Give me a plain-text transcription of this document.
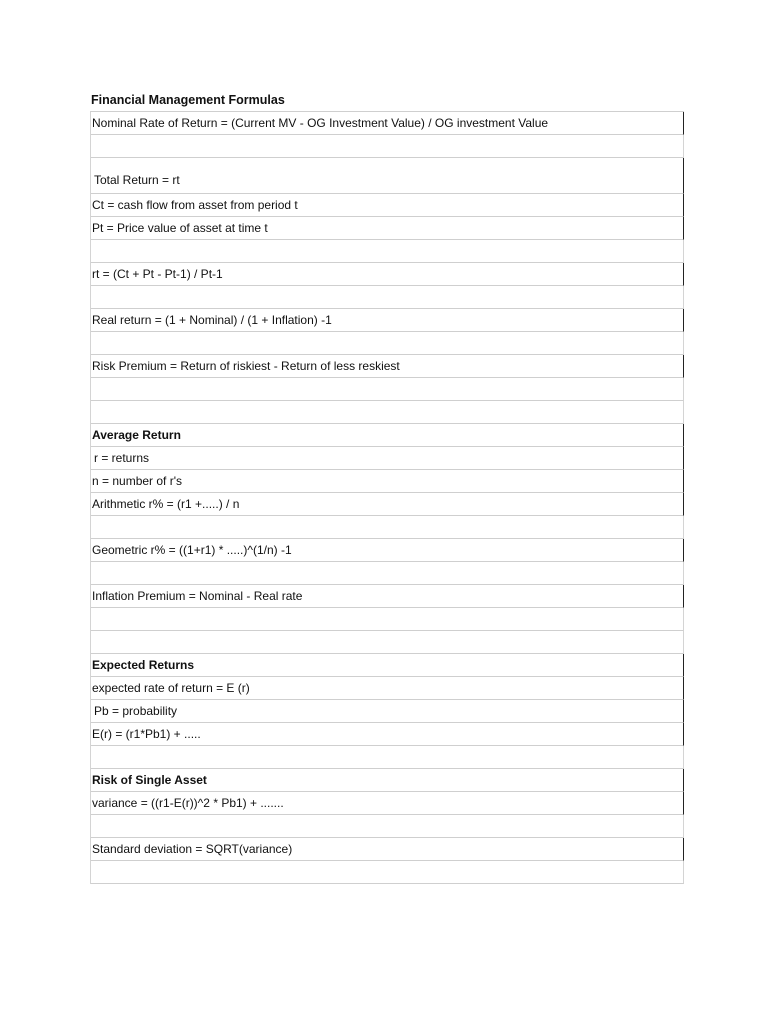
Financial Management Formulas
Nominal Rate of Return = (Current MV - OG Investment Value) / OG investment Value
Total Return = rt
Ct = cash flow from asset from period t
Pt = Price value of asset at time t
rt = (Ct + Pt - Pt-1) / Pt-1
Real return = (1 + Nominal) / (1 + Inflation) -1
Risk Premium = Return of riskiest - Return of less reskiest
Average Return
r = returns
n = number of r's
Arithmetic r% = (r1 +.....) / n
Geometric r% = ((1+r1) * .....)^(1/n) -1
Inflation Premium = Nominal - Real rate
Expected Returns
expected rate of return = E (r)
Pb = probability
E(r) = (r1*Pb1) + .....
Risk of Single Asset
variance = ((r1-E(r))^2 * Pb1) + .......
Standard deviation = SQRT(variance)
